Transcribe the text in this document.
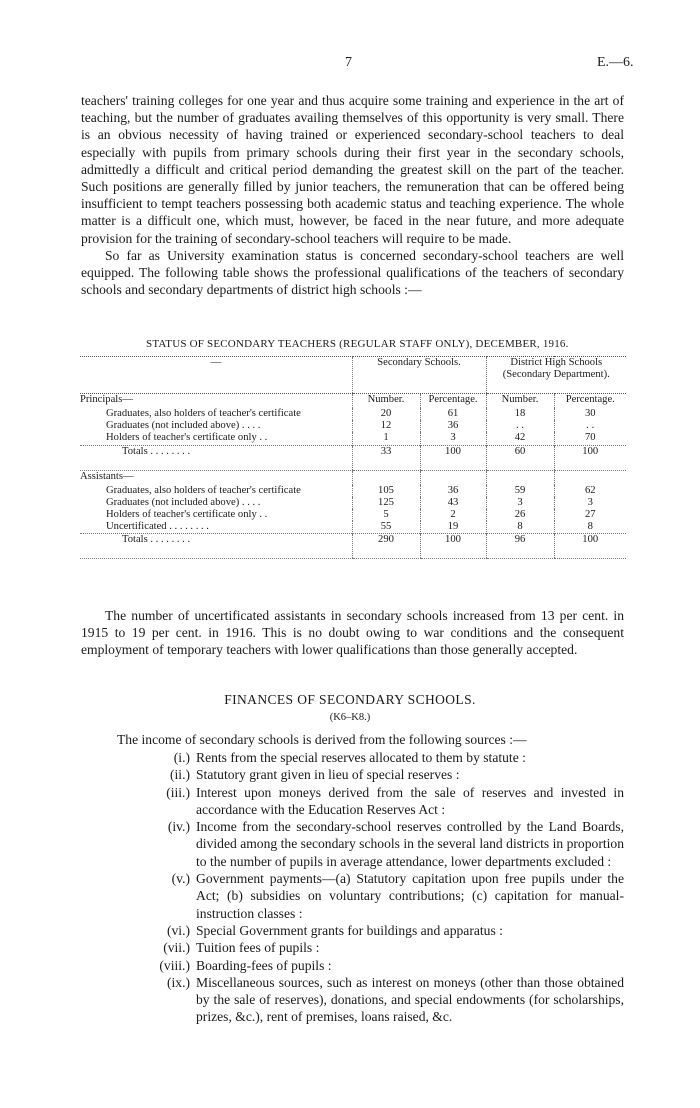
7	E.—6.
teachers' training colleges for one year and thus acquire some training and experience in the art of teaching, but the number of graduates availing themselves of this opportunity is very small. There is an obvious necessity of having trained or experienced secondary-school teachers to deal especially with pupils from primary schools during their first year in the secondary schools, admittedly a difficult and critical period demanding the greatest skill on the part of the teacher. Such positions are generally filled by junior teachers, the remuneration that can be offered being insufficient to tempt teachers possessing both academic status and teaching experience. The whole matter is a difficult one, which must, however, be faced in the near future, and more adequate provision for the training of secondary-school teachers will require to be made.
So far as University examination status is concerned secondary-school teachers are well equipped. The following table shows the professional qualifications of the teachers of secondary schools and secondary departments of district high schools :—
STATUS OF SECONDARY TEACHERS (REGULAR STAFF ONLY), DECEMBER, 1916.
—	Secondary Schools.		District High Schools (Secondary Department).	
Principals—	Number.	Percentage.	Number.	Percentage.
Graduates, also holders of teacher's certificate	20	61	18	30
Graduates (not included above) . . . .	12	36	. .	. .
Holders of teacher's certificate only . .	1	3	42	70
Totals . . . . . . . .	33	100	60	100
Assistants—				
Graduates, also holders of teacher's certificate	105	36	59	62
Graduates (not included above) . . . .	125	43	3	3
Holders of teacher's certificate only . .	5	2	26	27
Uncertificated . . . . . . . .	55	19	8	8
Totals . . . . . . . .	290	100	96	100
The number of uncertificated assistants in secondary schools increased from 13 per cent. in 1915 to 19 per cent. in 1916. This is no doubt owing to war conditions and the consequent employment of temporary teachers with lower qualifications than those generally accepted.
FINANCES OF SECONDARY SCHOOLS.
(K6–K8.)
The income of secondary schools is derived from the following sources :—
(i.) Rents from the special reserves allocated to them by statute :
(ii.) Statutory grant given in lieu of special reserves :
(iii.) Interest upon moneys derived from the sale of reserves and invested in accordance with the Education Reserves Act :
(iv.) Income from the secondary-school reserves controlled by the Land Boards, divided among the secondary schools in the several land districts in proportion to the number of pupils in average attendance, lower departments excluded :
(v.) Government payments—(a) Statutory capitation upon free pupils under the Act; (b) subsidies on voluntary contributions; (c) capitation for manual-instruction classes :
(vi.) Special Government grants for buildings and apparatus :
(vii.) Tuition fees of pupils :
(viii.) Boarding-fees of pupils :
(ix.) Miscellaneous sources, such as interest on moneys (other than those obtained by the sale of reserves), donations, and special endowments (for scholarships, prizes, &c.), rent of premises, loans raised, &c.
